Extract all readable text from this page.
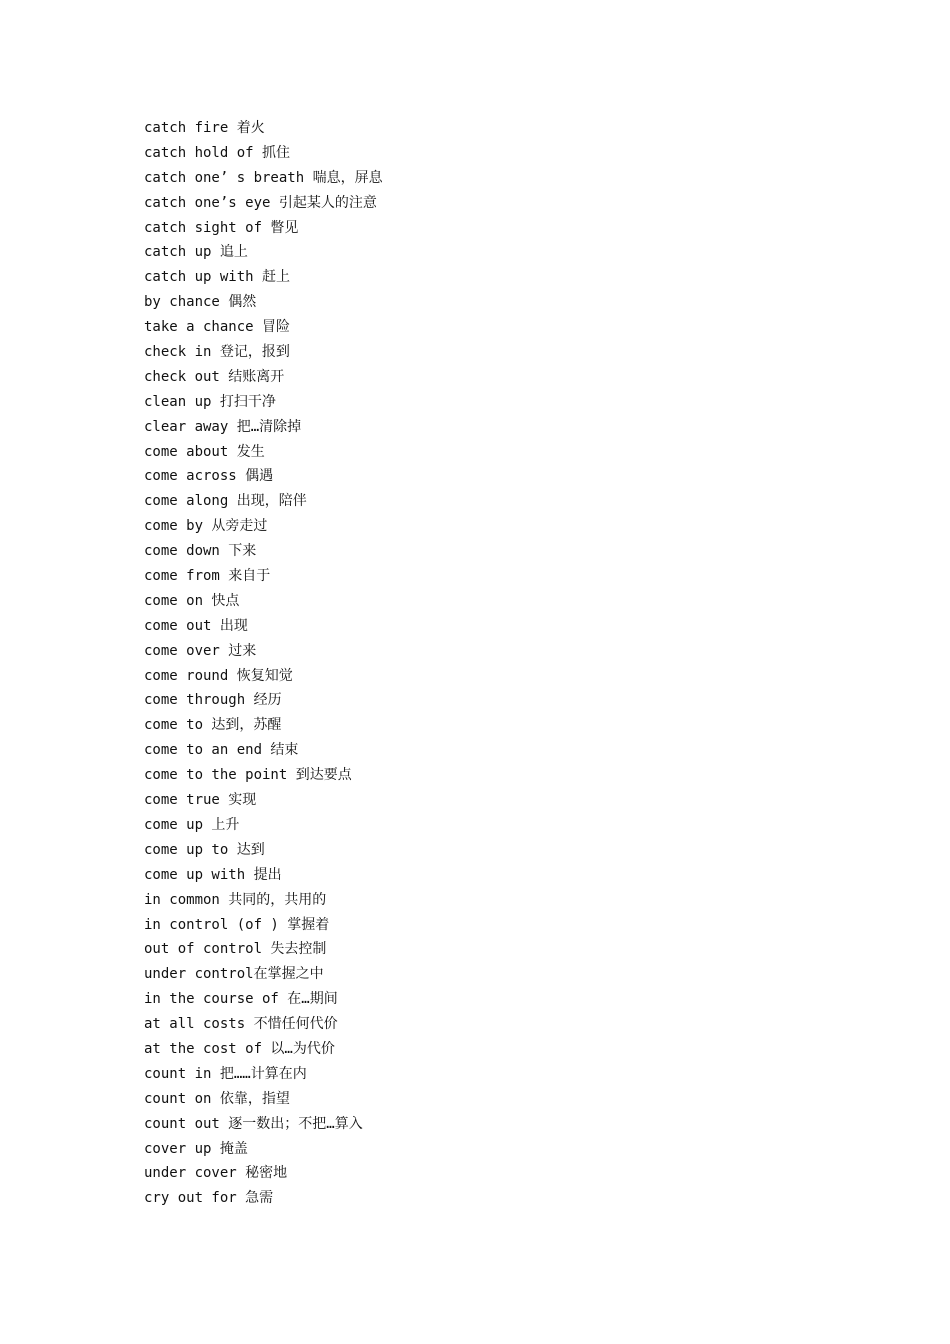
catch fire 着火
catch hold of 抓住
catch one’ s breath 喘息，屏息
catch one’s eye 引起某人的注意
catch sight of 瞥见
catch up 追上
catch up with 赶上
by chance 偶然
take a chance 冒险
check in 登记，报到
check out 结账离开
clean up 打扫干净
clear away 把…清除掉
come about 发生
come across 偶遇
come along 出现，陪伴
come by 从旁走过
come down 下来
come from 来自于
come on 快点
come out 出现
come over 过来
come round 恢复知觉
come through 经历
come to 达到，苏醒
come to an end 结束
come to the point 到达要点
come true 实现
come up 上升
come up to 达到
come up with 提出
in common 共同的，共用的
in control (of ) 掌握着
out of control 失去控制
under control在掌握之中
in the course of 在…期间
at all costs 不惜任何代价
at the cost of 以…为代价
count in 把……计算在内
count on 依靠，指望
count out 逐一数出；不把…算入
cover up 掩盖
under cover 秘密地
cry out for 急需
